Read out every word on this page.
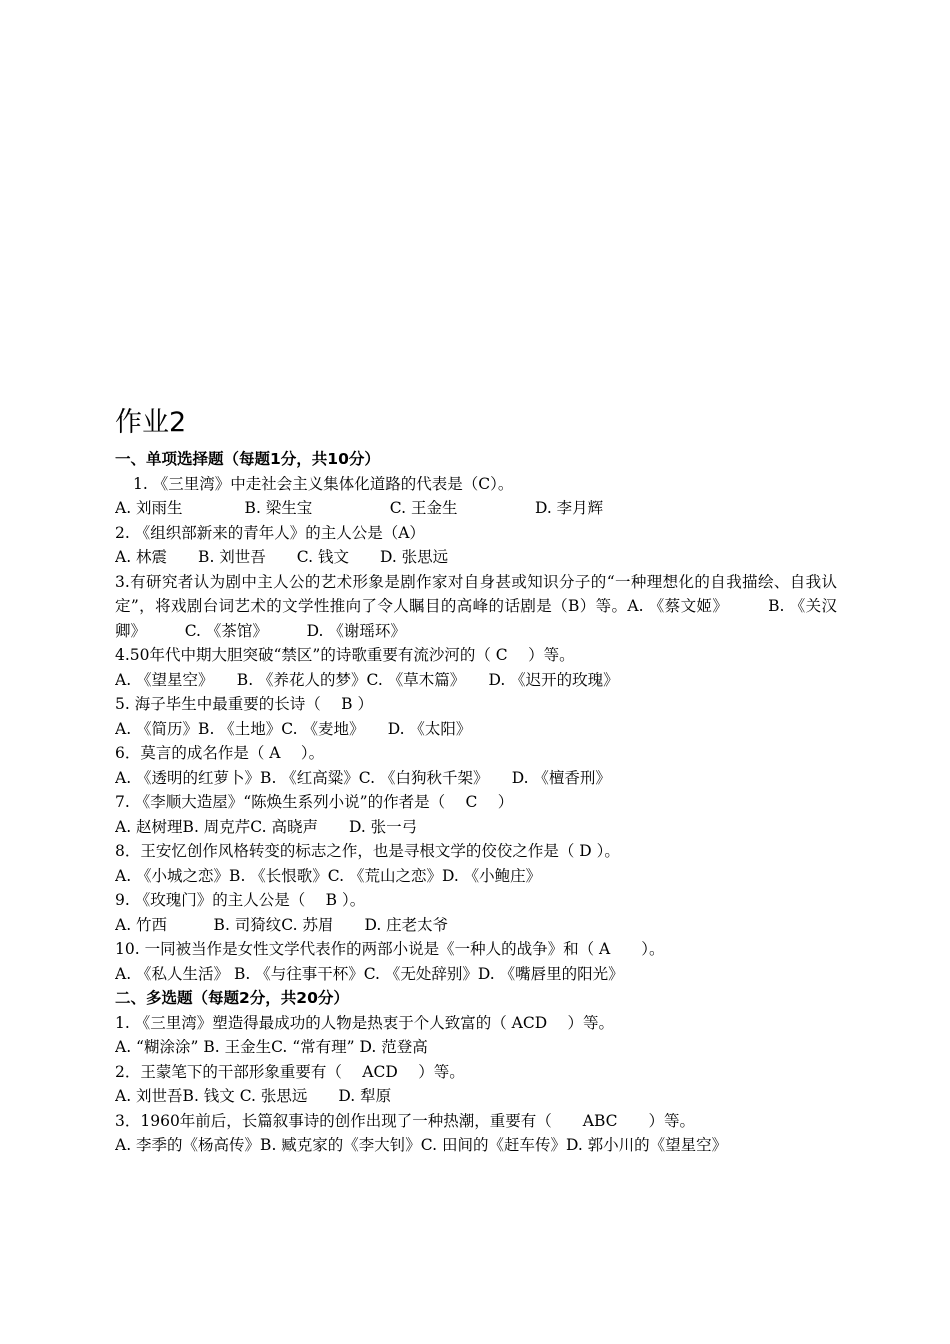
作业2
一、单项选择题（每题1分，共10分）
1. 《三里湾》中走社会主义集体化道路的代表是（C）。
A. 刘雨生　　　　B. 梁生宝　　　　　C. 王金生　　　　　D. 李月辉
2. 《组织部新来的青年人》的主人公是（A）
A. 林震　　B. 刘世吾　　C. 钱文　　D. 张思远
3.有研究者认为剧中主人公的艺术形象是剧作家对自身甚或知识分子的“一种理想化的自我描绘、自我认定”，将戏剧台词艺术的文学性推向了令人瞩目的高峰的话剧是（B）等。A. 《蔡文姬》　　　B. 《关汉卿》　　　C. 《茶馆》　　　D. 《谢瑶环》
4.50年代中期大胆突破“禁区”的诗歌重要有流沙河的（ C　 ）等。
A. 《望星空》　　B. 《养花人的梦》C. 《草木篇》　　D. 《迟开的玫瑰》
5. 海子毕生中最重要的长诗（　 B ）
A. 《简历》B. 《土地》C. 《麦地》　　D. 《太阳》
6．莫言的成名作是（ A　 ）。
A. 《透明的红萝卜》B. 《红高粱》C. 《白狗秋千架》　　D. 《檀香刑》
7. 《李顺大造屋》“陈焕生系列小说”的作者是（　 C　 ）
A. 赵树理B. 周克芹C. 高晓声　　D. 张一弓
8．王安忆创作风格转变的标志之作，也是寻根文学的佼佼之作是（ D ）。
A. 《小城之恋》B. 《长恨歌》C. 《荒山之恋》D. 《小鲍庄》
9. 《玫瑰门》的主人公是（　 B ）。
A. 竹西　　　B. 司猗纹C. 苏眉　　D. 庄老太爷
10. 一同被当作是女性文学代表作的两部小说是《一种人的战争》和（ A　　）。
A. 《私人生活》 B. 《与往事干杯》C. 《无处辞别》D. 《嘴唇里的阳光》
二、多选题（每题2分，共20分）
1. 《三里湾》塑造得最成功的人物是热衷于个人致富的（ ACD　 ）等。
A. “糊涂涂” B. 王金生C. “常有理” D. 范登高
2．王蒙笔下的干部形象重要有（　 ACD　 ）等。
A. 刘世吾B. 钱文 C. 张思远　　D. 犁原
3．1960年前后，长篇叙事诗的创作出现了一种热潮，重要有（　　ABC　　）等。
A. 李季的《杨高传》B. 臧克家的《李大钊》C. 田间的《赶车传》D. 郭小川的《望星空》
